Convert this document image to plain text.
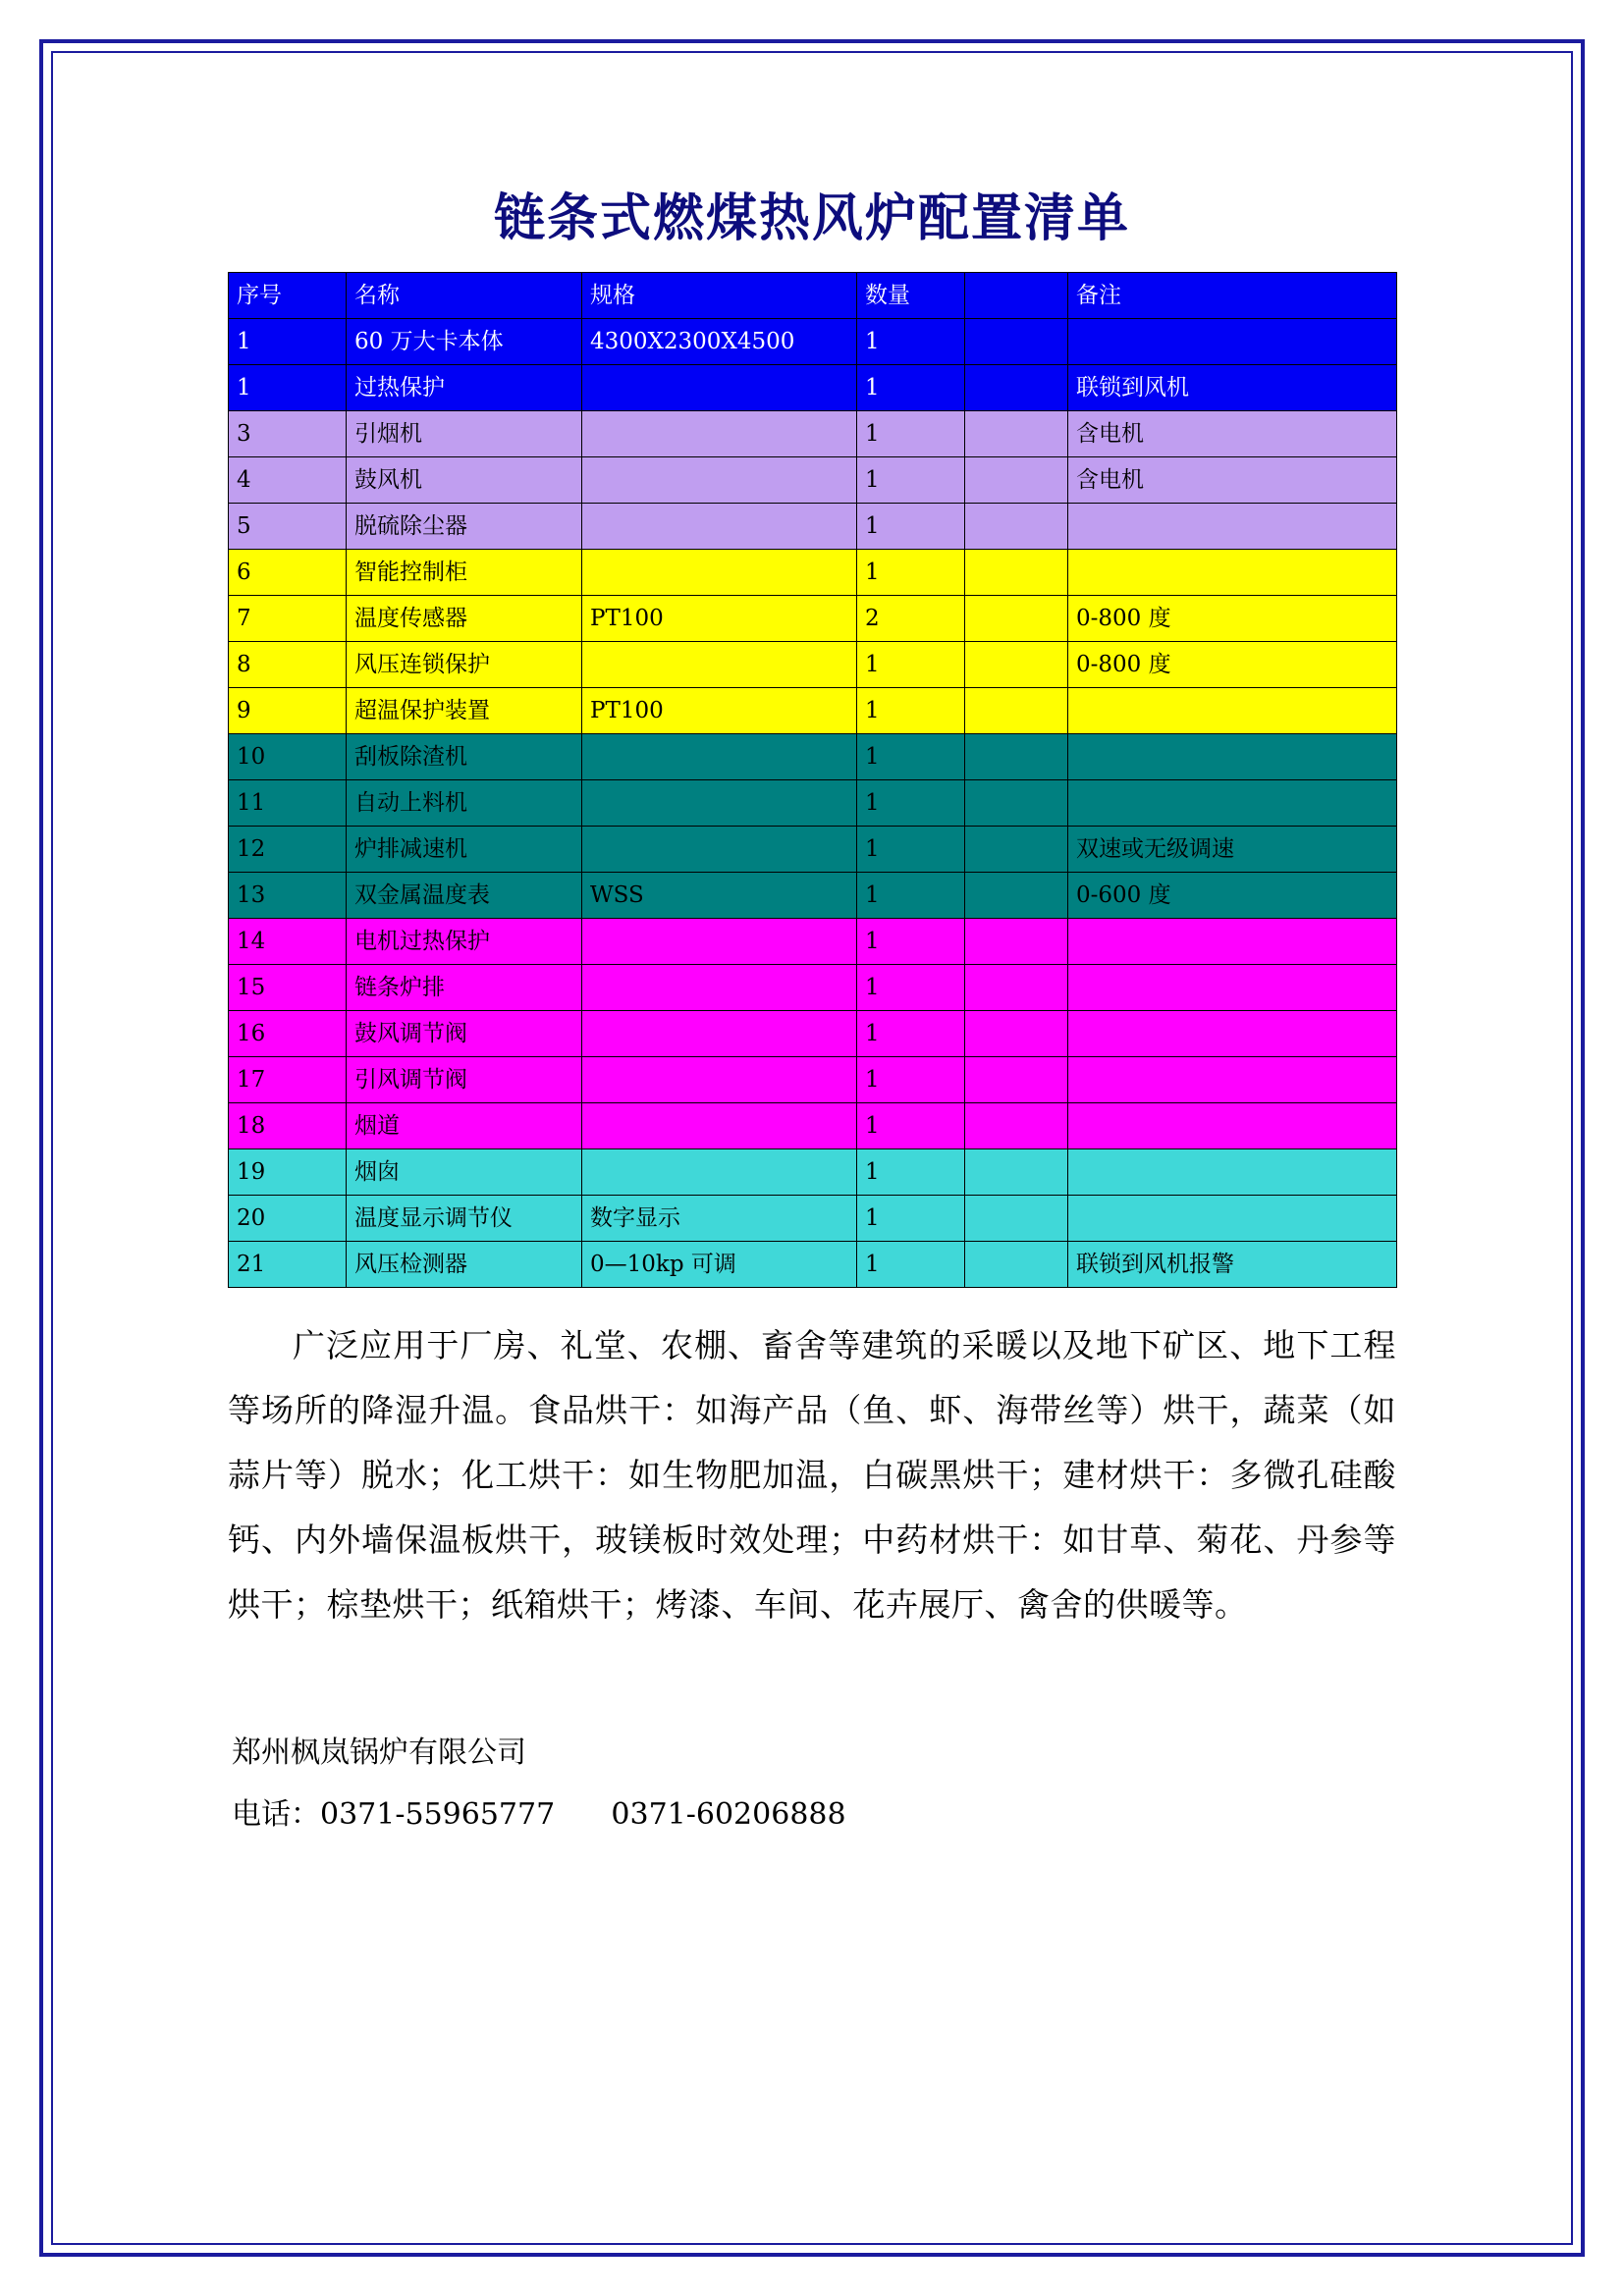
链条式燃煤热风炉配置清单
序号	名称	规格	数量		备注
1	60 万大卡本体	4300X2300X4500	1		
1	过热保护		1		联锁到风机
3	引烟机		1		含电机
4	鼓风机		1		含电机
5	脱硫除尘器		1		
6	智能控制柜		1		
7	温度传感器	PT100	2		0-800 度
8	风压连锁保护		1		0-800 度
9	超温保护装置	PT100	1		
10	刮板除渣机		1		
11	自动上料机		1		
12	炉排减速机		1		双速或无级调速
13	双金属温度表	WSS	1		0-600 度
14	电机过热保护		1		
15	链条炉排		1		
16	鼓风调节阀		1		
17	引风调节阀		1		
18	烟道		1		
19	烟囱		1		
20	温度显示调节仪	数字显示	1		
21	风压检测器	0—10kp 可调	1		联锁到风机报警

广泛应用于厂房、礼堂、农棚、畜舍等建筑的采暖以及地下矿区、地下工程等场所的降湿升温。食品烘干：如海产品（鱼、虾、海带丝等）烘干，蔬菜（如蒜片等）脱水；化工烘干：如生物肥加温，白碳黑烘干；建材烘干：多微孔硅酸钙、内外墙保温板烘干，玻镁板时效处理；中药材烘干：如甘草、菊花、丹参等烘干；棕垫烘干；纸箱烘干；烤漆、车间、花卉展厅、禽舍的供暖等。

郑州枫岚锅炉有限公司
电话：0371-55965777      0371-60206888
